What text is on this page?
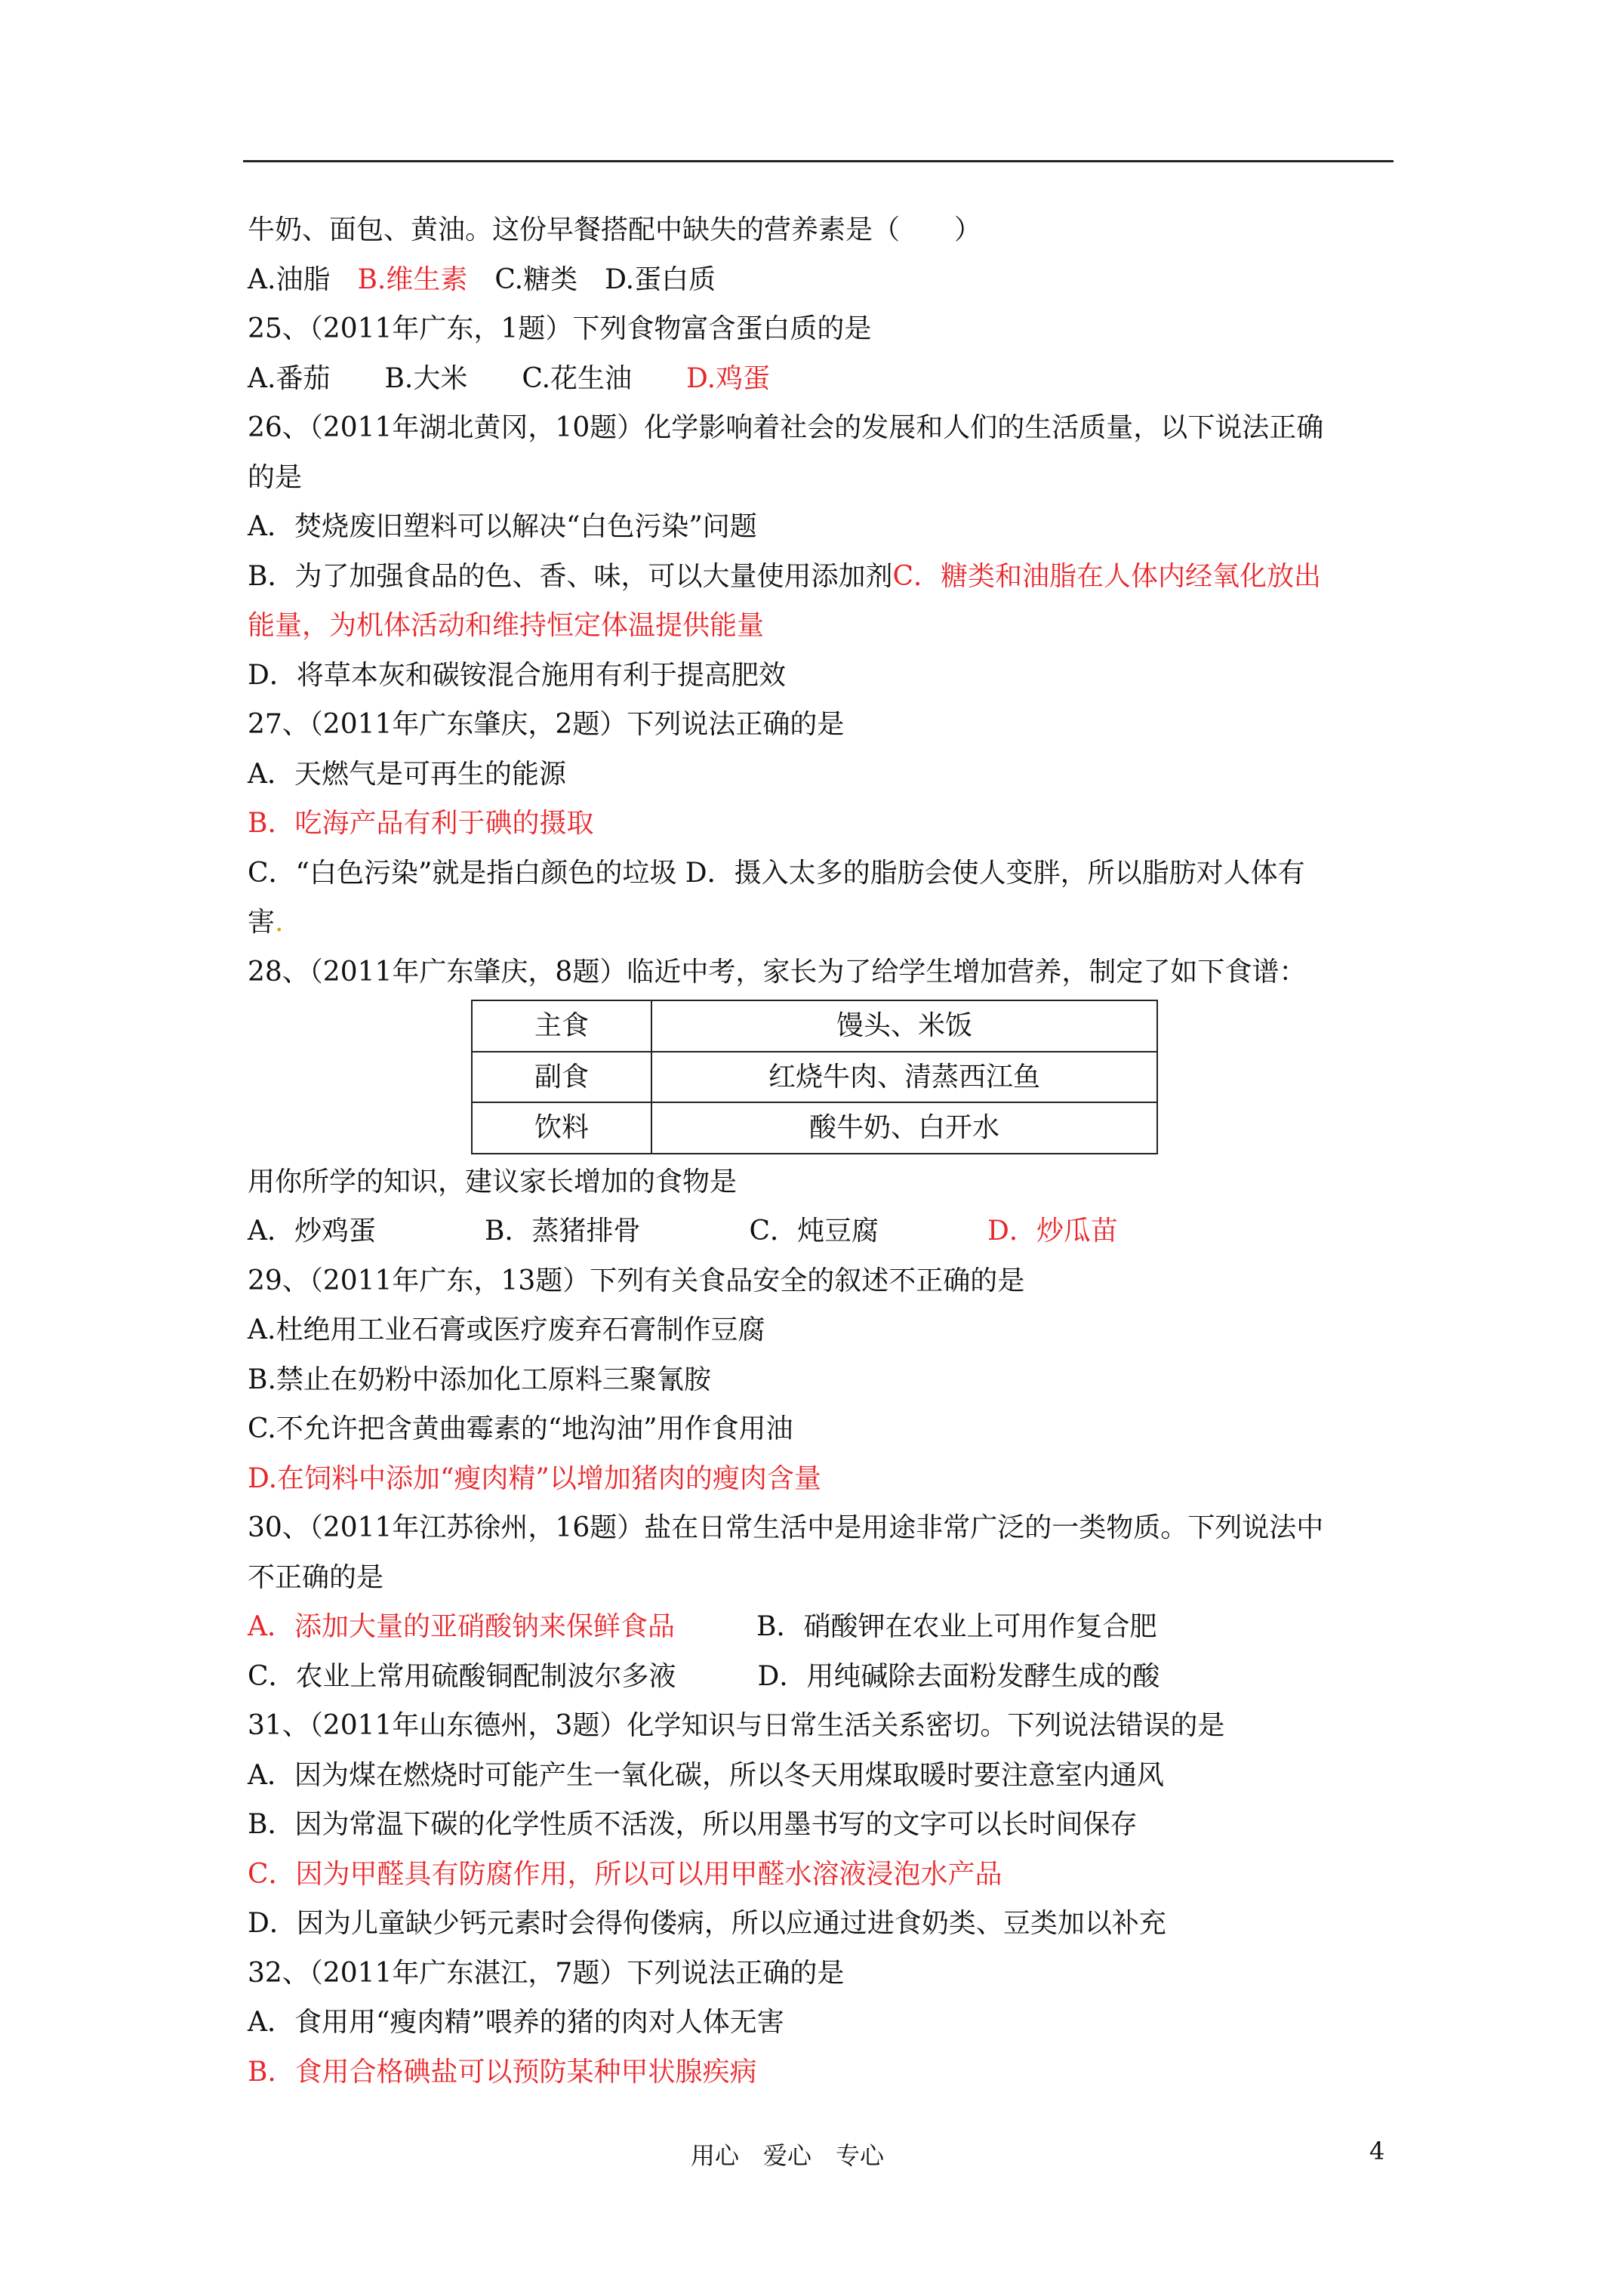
牛奶、面包、黄油。这份早餐搭配中缺失的营养素是（　　）
A.油脂　B.维生素　C.糖类　D.蛋白质
25、（2011年广东，1题）下列食物富含蛋白质的是
A.番茄　　B.大米　　C.花生油　　D.鸡蛋
26、（2011年湖北黄冈，10题）化学影响着社会的发展和人们的生活质量，以下说法正确
的是
A．焚烧废旧塑料可以解决“白色污染”问题
B．为了加强食品的色、香、味，可以大量使用添加剂C．糖类和油脂在人体内经氧化放出
能量，为机体活动和维持恒定体温提供能量
D．将草本灰和碳铵混合施用有利于提高肥效
27、（2011年广东肇庆，2题）下列说法正确的是
A．天燃气是可再生的能源
B．吃海产品有利于碘的摄取
C．“白色污染”就是指白颜色的垃圾 D．摄入太多的脂肪会使人变胖，所以脂肪对人体有
害.
28、（2011年广东肇庆，8题）临近中考，家长为了给学生增加营养，制定了如下食谱：
主食	馒头、米饭
副食	红烧牛肉、清蒸西江鱼
饮料	酸牛奶、白开水
用你所学的知识，建议家长增加的食物是
A．炒鸡蛋　　　　B．蒸猪排骨　　　　C．炖豆腐　　　　D．炒瓜苗
29、（2011年广东，13题）下列有关食品安全的叙述不正确的是
A.杜绝用工业石膏或医疗废弃石膏制作豆腐
B.禁止在奶粉中添加化工原料三聚氰胺
C.不允许把含黄曲霉素的“地沟油”用作食用油
D.在饲料中添加“瘦肉精”以增加猪肉的瘦肉含量
30、（2011年江苏徐州，16题）盐在日常生活中是用途非常广泛的一类物质。下列说法中
不正确的是
A．添加大量的亚硝酸钠来保鲜食品　　　B．硝酸钾在农业上可用作复合肥
C．农业上常用硫酸铜配制波尔多液　　　D．用纯碱除去面粉发酵生成的酸
31、（2011年山东德州，3题）化学知识与日常生活关系密切。下列说法错误的是
A．因为煤在燃烧时可能产生一氧化碳，所以冬天用煤取暖时要注意室内通风
B．因为常温下碳的化学性质不活泼，所以用墨书写的文字可以长时间保存
C．因为甲醛具有防腐作用，所以可以用甲醛水溶液浸泡水产品
D．因为儿童缺少钙元素时会得佝偻病，所以应通过进食奶类、豆类加以补充
32、（2011年广东湛江，7题）下列说法正确的是
A．食用用“瘦肉精”喂养的猪的肉对人体无害
B．食用合格碘盐可以预防某种甲状腺疾病
用心　爱心　专心	4
